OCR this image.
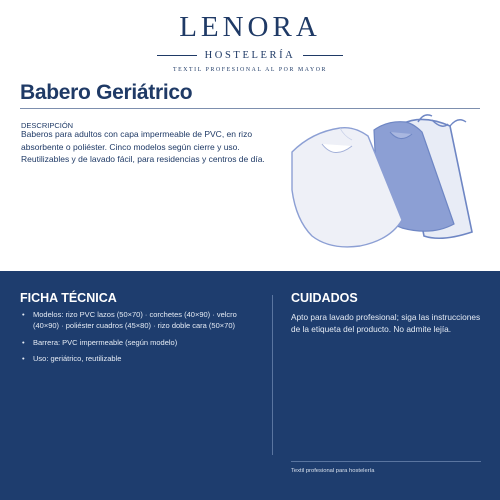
LENORA
HOSTELERÍA
TEXTIL PROFESIONAL AL POR MAYOR
Babero Geriátrico
DESCRIPCIÓN

Baberos para adultos con capa impermeable de PVC, en rizo absorbente o poliéster. Cinco modelos según cierre y uso. Reutilizables y de lavado fácil, para residencias y centros de día.

FICHA TÉCNICA
• Modelos: rizo PVC lazos (50×70) · corchetes (40×90) · velcro (40×90) · poliéster cuadros (45×80) · rizo doble cara (50×70)
• Barrera: PVC impermeable (según modelo)
• Uso: geriátrico, reutilizable
CUIDADOS

Apto para lavado profesional; siga las instrucciones de la etiqueta del producto. No admite lejía.

Textil profesional para hostelería
